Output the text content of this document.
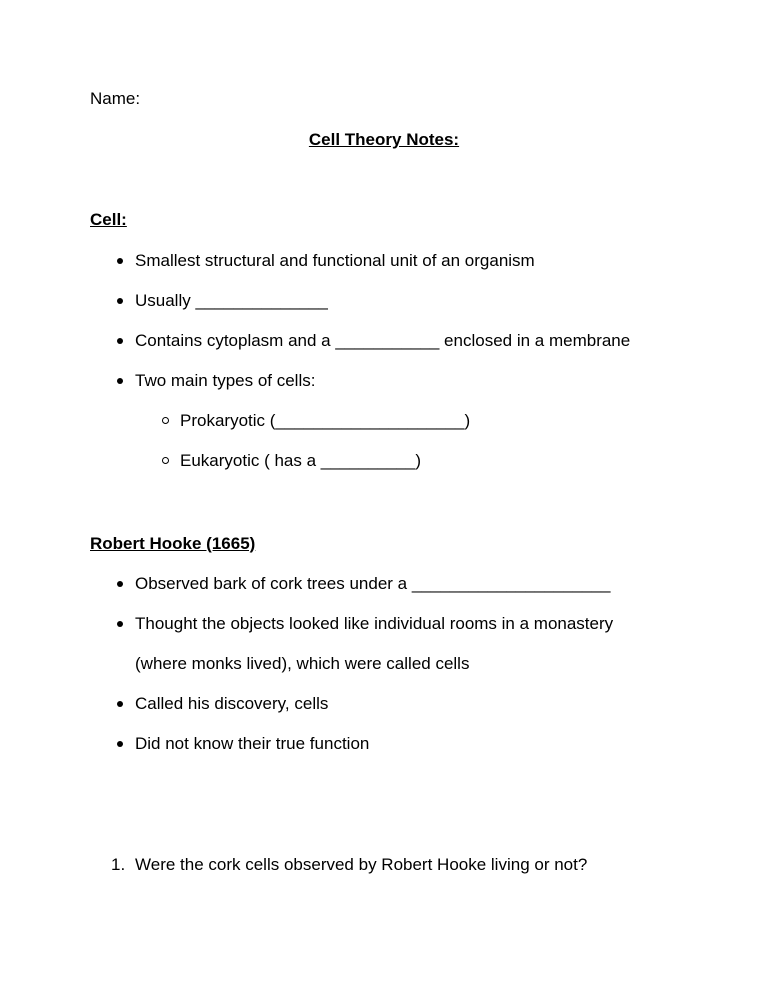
Name:
Cell Theory Notes:
Cell:
Smallest structural and functional unit of an organism
Usually ______________
Contains cytoplasm and a ___________ enclosed in a membrane
Two main types of cells:
Prokaryotic (____________________)
Eukaryotic ( has a __________)
Robert Hooke (1665)
Observed bark of cork trees under a _____________________
Thought the objects looked like individual rooms in a monastery
(where monks lived), which were called cells
Called his discovery, cells
Did not know their true function
1. Were the cork cells observed by Robert Hooke living or not?
